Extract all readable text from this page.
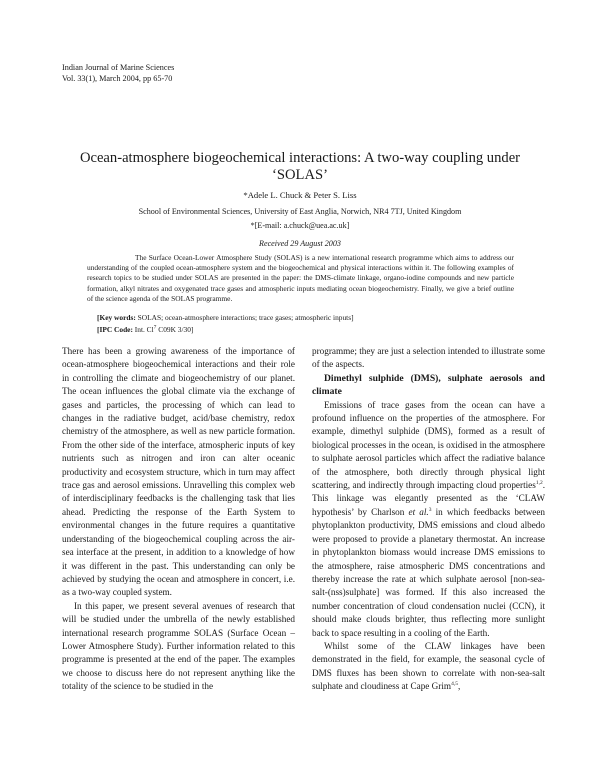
Indian Journal of Marine Sciences
Vol. 33(1), March 2004, pp 65-70
Ocean-atmosphere biogeochemical interactions: A two-way coupling under ‘SOLAS’
*Adele L. Chuck & Peter S. Liss
School of Environmental Sciences, University of East Anglia, Norwich, NR4 7TJ, United Kingdom
*[E-mail: a.chuck@uea.ac.uk]
Received 29 August 2003

The Surface Ocean-Lower Atmosphere Study (SOLAS) is a new international research programme which aims to address our understanding of the coupled ocean-atmosphere system and the biogeochemical and physical interactions within it. The following examples of research topics to be studied under SOLAS are presented in the paper: the DMS-climate linkage, organo-iodine compounds and new particle formation, alkyl nitrates and oxygenated trace gases and atmospheric inputs mediating ocean biogeochemistry. Finally, we give a brief outline of the science agenda of the SOLAS programme.

[Key words: SOLAS; ocean-atmosphere interactions; trace gases; atmospheric inputs]
[IPC Code: Int. Cl$^7$ C09K 3/30]

There has been a growing awareness of the importance of ocean-atmosphere biogeochemical interactions and their role in controlling the climate and biogeochemistry of our planet. The ocean influences the global climate via the exchange of gases and particles, the processing of which can lead to changes in the radiative budget, acid/base chemistry, redox chemistry of the atmosphere, as well as new particle formation. From the other side of the interface, atmospheric inputs of key nutrients such as nitrogen and iron can alter oceanic productivity and ecosystem structure, which in turn may affect trace gas and aerosol emissions. Unravelling this complex web of interdisciplinary feedbacks is the challenging task that lies ahead. Predicting the response of the Earth System to environmental changes in the future requires a quantitative understanding of the biogeochemical coupling across the air-sea interface at the present, in addition to a knowledge of how it was different in the past. This understanding can only be achieved by studying the ocean and atmosphere in concert, i.e. as a two-way coupled system.

In this paper, we present several avenues of research that will be studied under the umbrella of the newly established international research programme SOLAS (Surface Ocean – Lower Atmosphere Study). Further information related to this programme is presented at the end of the paper. The examples we choose to discuss here do not represent anything like the totality of the science to be studied in the

programme; they are just a selection intended to illustrate some of the aspects.

Dimethyl sulphide (DMS), sulphate aerosols and climate

Emissions of trace gases from the ocean can have a profound influence on the properties of the atmosphere. For example, dimethyl sulphide (DMS), formed as a result of biological processes in the ocean, is oxidised in the atmosphere to sulphate aerosol particles which affect the radiative balance of the atmosphere, both directly through physical light scattering, and indirectly through impacting cloud properties$^{1,2}$. This linkage was elegantly presented as the ‘CLAW hypothesis’ by Charlson et al.$^3$ in which feedbacks between phytoplankton productivity, DMS emissions and cloud albedo were proposed to provide a planetary thermostat. An increase in phytoplankton biomass would increase DMS emissions to the atmosphere, raise atmospheric DMS concentrations and thereby increase the rate at which sulphate aerosol [non-sea-salt-(nss)sulphate] was formed. If this also increased the number concentration of cloud condensation nuclei (CCN), it should make clouds brighter, thus reflecting more sunlight back to space resulting in a cooling of the Earth.

Whilst some of the CLAW linkages have been demonstrated in the field, for example, the seasonal cycle of DMS fluxes has been shown to correlate with non-sea-salt sulphate and cloudiness at Cape Grim$^{4,5}$,
